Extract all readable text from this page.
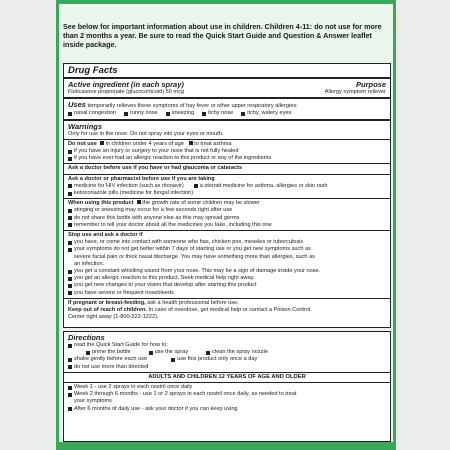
See below for important information about use in children. Children 4-11: do not use for more than 2 months a year. Be sure to read the Quick Start Guide and Question & Answer leaflet inside package.
Drug Facts
Active ingredient (in each spray)	Purpose
Fluticasone propionate (glucocorticoid) 50 mcg	Allergy symptom reliever
Uses temporarily relieves these symptoms of hay fever or other upper respiratory allergies:
nasal congestion	runny nose	sneezing	itchy nose	itchy, watery eyes
Warnings
Only for use in the nose. Do not spray into your eyes or mouth.
Do not use in children under 4 years of age to treat asthma
if you have an injury or surgery to your nose that is not fully healed
if you have ever had an allergic reaction to this product or any of the ingredients
Ask a doctor before use if you have or had glaucoma or cataracts
Ask a doctor or pharmacist before use if you are taking
medicine for HIV infection (such as ritonavir)	a steroid medicine for asthma, allergies or skin rash
ketoconazole pills (medicine for fungal infection)
When using this product the growth rate of some children may be slower
stinging or sneezing may occur for a few seconds right after use
do not share this bottle with anyone else as this may spread germs
remember to tell your doctor about all the medicines you take, including this one
Stop use and ask a doctor if
you have, or come into contact with someone who has, chicken pox, measles or tuberculosis
your symptoms do not get better within 7 days of starting use or you get new symptoms such as
severe facial pain or thick nasal discharge. You may have something more than allergies, such as
an infection.
you get a constant whistling sound from your nose. This may be a sign of damage inside your nose.
you get an allergic reaction to this product. Seek medical help right away.
you get new changes to your vision that develop after starting this product
you have severe or frequent nosebleeds
If pregnant or breast-feeding, ask a health professional before use.
Keep out of reach of children. In case of overdose, get medical help or contact a Poison Control
Center right away (1-800-222-1222).
Directions
read the Quick Start Guide for how to:
prime the bottle	use the spray	clean the spray nozzle
shake gently before each use	use this product only once a day
do not use more than directed
ADULTS AND CHILDREN 12 YEARS OF AGE AND OLDER
Week 1 - use 2 sprays in each nostril once daily
Week 2 through 6 months - use 1 or 2 sprays in each nostril once daily, as needed to treat
your symptoms
After 6 months of daily use - ask your doctor if you can keep using
